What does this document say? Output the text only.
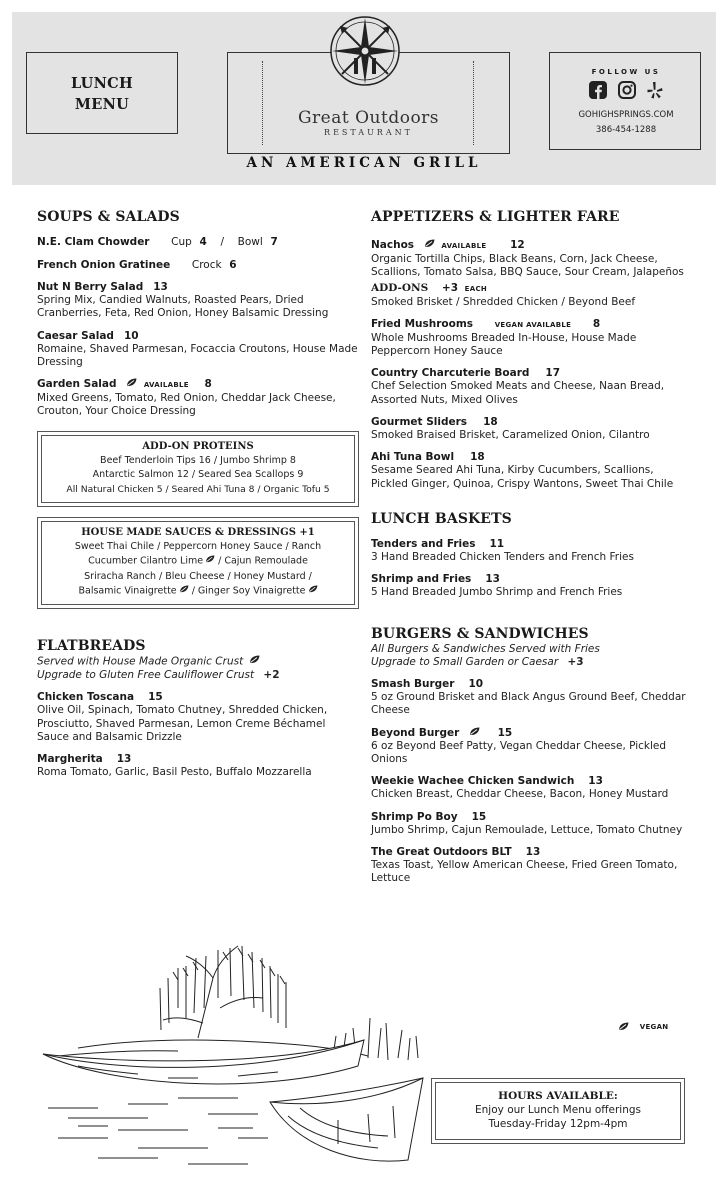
LUNCH
MENU
Great Outdoors
RESTAURANT
FOLLOW US

GOHIGHSPRINGS.COM
386-454-1288
AN AMERICAN GRILL
SOUPS & SALADS
N.E. Clam Chowder Cup 4 / Bowl 7
French Onion Gratinee Crock 6
Nut N Berry Salad 13
Spring Mix, Candied Walnuts, Roasted Pears, Dried Cranberries, Feta, Red Onion, Honey Balsamic Dressing
Caesar Salad 10
Romaine, Shaved Parmesan, Focaccia Croutons, House Made Dressing
Garden Salad	AVAILABLE 8
Mixed Greens, Tomato, Red Onion, Cheddar Jack Cheese, Crouton, Your Choice Dressing
ADD-ON PROTEINS
Beef Tenderloin Tips 16 / Jumbo Shrimp 8
Antarctic Salmon 12 / Seared Sea Scallops 9
All Natural Chicken 5 / Seared Ahi Tuna 8 / Organic Tofu 5
HOUSE MADE SAUCES & DRESSINGS +1
Sweet Thai Chile / Peppercorn Honey Sauce / Ranch
Cucumber Cilantro Lime / Cajun Remoulade
Sriracha Ranch / Bleu Cheese / Honey Mustard /
Balsamic Vinaigrette / Ginger Soy Vinaigrette
FLATBREADS
Served with House Made Organic Crust
Upgrade to Gluten Free Cauliflower Crust +2
Chicken Toscana 15
Olive Oil, Spinach, Tomato Chutney, Shredded Chicken, Prosciutto, Shaved Parmesan, Lemon Creme Béchamel Sauce and Balsamic Drizzle
Margherita 13
Roma Tomato, Garlic, Basil Pesto, Buffalo Mozzarella
APPETIZERS & LIGHTER FARE
Nachos	AVAILABLE 12
Organic Tortilla Chips, Black Beans, Corn, Jack Cheese, Scallions, Tomato Salsa, BBQ Sauce, Sour Cream, Jalapeños
ADD-ONS +3 EACH
Smoked Brisket / Shredded Chicken / Beyond Beef
Fried Mushrooms	VEGAN AVAILABLE 8
Whole Mushrooms Breaded In-House, House Made Peppercorn Honey Sauce
Country Charcuterie Board 17
Chef Selection Smoked Meats and Cheese, Naan Bread, Assorted Nuts, Mixed Olives
Gourmet Sliders 18
Smoked Braised Brisket, Caramelized Onion, Cilantro
Ahi Tuna Bowl 18
Sesame Seared Ahi Tuna, Kirby Cucumbers, Scallions, Pickled Ginger, Quinoa, Crispy Wantons, Sweet Thai Chile
LUNCH BASKETS
Tenders and Fries 11
3 Hand Breaded Chicken Tenders and French Fries
Shrimp and Fries 13
5 Hand Breaded Jumbo Shrimp and French Fries
BURGERS & SANDWICHES
All Burgers & Sandwiches Served with Fries
Upgrade to Small Garden or Caesar +3
Smash Burger 10
5 oz Ground Brisket and Black Angus Ground Beef, Cheddar Cheese
Beyond Burger	15
6 oz Beyond Beef Patty, Vegan Cheddar Cheese, Pickled Onions
Weekie Wachee Chicken Sandwich 13
Chicken Breast, Cheddar Cheese, Bacon, Honey Mustard
Shrimp Po Boy 15
Jumbo Shrimp, Cajun Remoulade, Lettuce, Tomato Chutney
The Great Outdoors BLT 13
Texas Toast, Yellow American Cheese, Fried Green Tomato, Lettuce
VEGAN
HOURS AVAILABLE:
Enjoy our Lunch Menu offerings
Tuesday-Friday 12pm-4pm
